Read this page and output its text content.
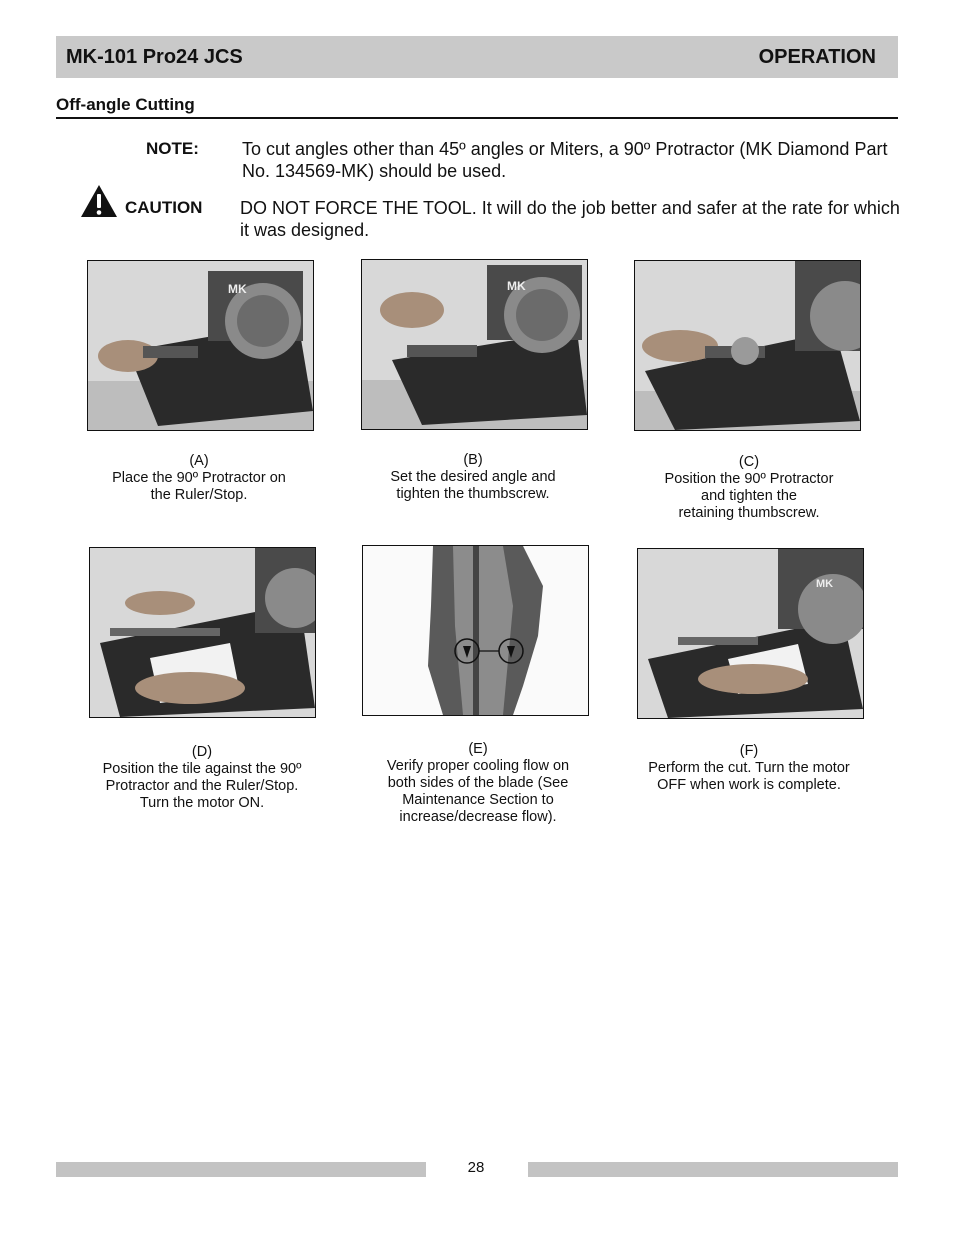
MK-101 Pro24 JCS	OPERATION
Off-angle Cutting
NOTE: To cut angles other than 45º angles or Miters, a 90º Protractor (MK Diamond Part No. 134569-MK) should be used.
CAUTION DO NOT FORCE THE TOOL. It will do the job better and safer at the rate for which it was designed.
MK	MK
(A)
Place the 90º Protractor on
the Ruler/Stop.
(B)
Set the desired angle and
tighten the thumbscrew.
(C)
Position the 90º Protractor
and tighten the
retaining thumbscrew.
MK
(D)
Position the tile against the 90º
Protractor and the Ruler/Stop.
Turn the motor ON.
(E)
Verify proper cooling flow on
both sides of the blade (See
Maintenance Section to
increase/decrease flow).
(F)
Perform the cut. Turn the motor
OFF when work is complete.
28
